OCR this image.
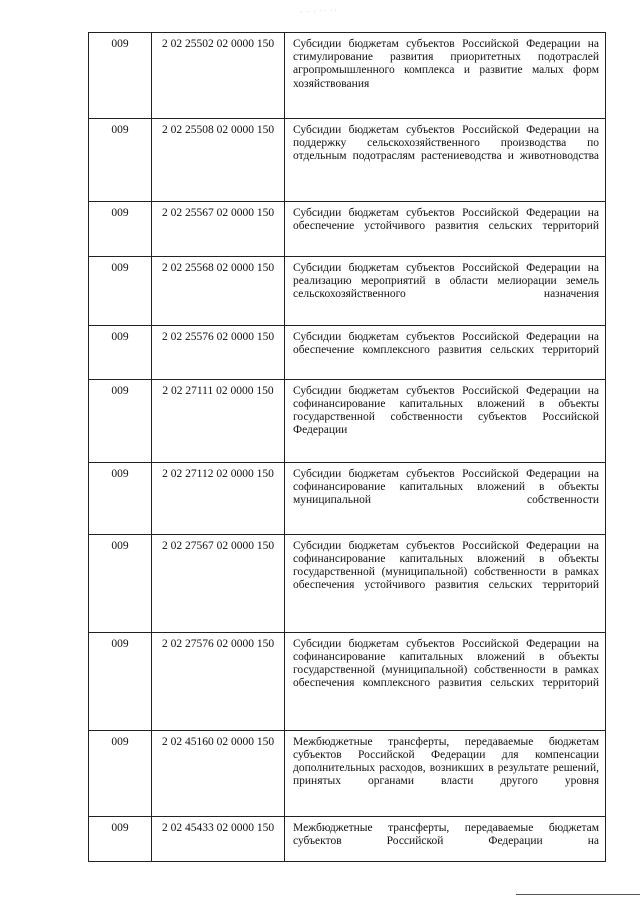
· · · ·· ··
009	2 02 25502 02 0000 150	Субсидии бюджетам субъектов Российской Федерации на стимулирование развития приоритетных подотраслей агропромышленного комплекса и развитие малых форм хозяйствования
009	2 02 25508 02 0000 150	Субсидии бюджетам субъектов Российской Федерации на поддержку сельскохозяйственного производства по отдельным подотраслям растениеводства и животноводства
009	2 02 25567 02 0000 150	Субсидии бюджетам субъектов Российской Федерации на обеспечение устойчивого развития сельских территорий
009	2 02 25568 02 0000 150	Субсидии бюджетам субъектов Российской Федерации на реализацию мероприятий в области мелиорации земель сельскохозяйственного назначения
009	2 02 25576 02 0000 150	Субсидии бюджетам субъектов Российской Федерации на обеспечение комплексного развития сельских территорий
009	2 02 27111 02 0000 150	Субсидии бюджетам субъектов Российской Федерации на софинансирование капитальных вложений в объекты государственной собственности субъектов Российской Федерации
009	2 02 27112 02 0000 150	Субсидии бюджетам субъектов Российской Федерации на софинансирование капитальных вложений в объекты муниципальной собственности
009	2 02 27567 02 0000 150	Субсидии бюджетам субъектов Российской Федерации на софинансирование капитальных вложений в объекты государственной (муниципальной) собственности в рамках обеспечения устойчивого развития сельских территорий
009	2 02 27576 02 0000 150	Субсидии бюджетам субъектов Российской Федерации на софинансирование капитальных вложений в объекты государственной (муниципальной) собственности в рамках обеспечения комплексного развития сельских территорий
009	2 02 45160 02 0000 150	Межбюджетные трансферты, передаваемые бюджетам субъектов Российской Федерации для компенсации дополнительных расходов, возникших в результате решений, принятых органами власти другого уровня
009	2 02 45433 02 0000 150	Межбюджетные трансферты, передаваемые бюджетам субъектов Российской Федерации на
